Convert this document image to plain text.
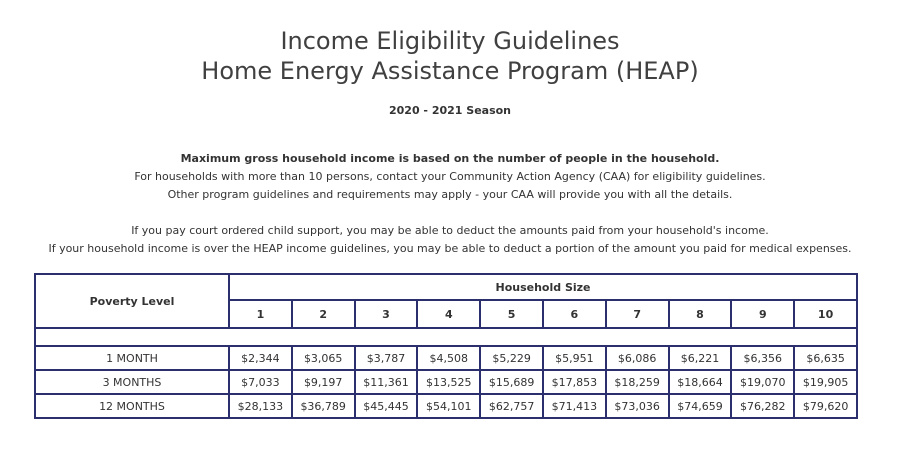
Income Eligibility Guidelines
Home Energy Assistance Program (HEAP)
2020 - 2021 Season
Maximum gross household income is based on the number of people in the household.
For households with more than 10 persons, contact your Community Action Agency (CAA) for eligibility guidelines.
Other program guidelines and requirements may apply - your CAA will provide you with all the details.
If you pay court ordered child support, you may be able to deduct the amounts paid from your household's income.
If your household income is over the HEAP income guidelines, you may be able to deduct a portion of the amount you paid for medical expenses.
Poverty Level	Household Size									
	1	2	3	4	5	6	7	8	9	10

1 MONTH	$2,344	$3,065	$3,787	$4,508	$5,229	$5,951	$6,086	$6,221	$6,356	$6,635
3 MONTHS	$7,033	$9,197	$11,361	$13,525	$15,689	$17,853	$18,259	$18,664	$19,070	$19,905
12 MONTHS	$28,133	$36,789	$45,445	$54,101	$62,757	$71,413	$73,036	$74,659	$76,282	$79,620
